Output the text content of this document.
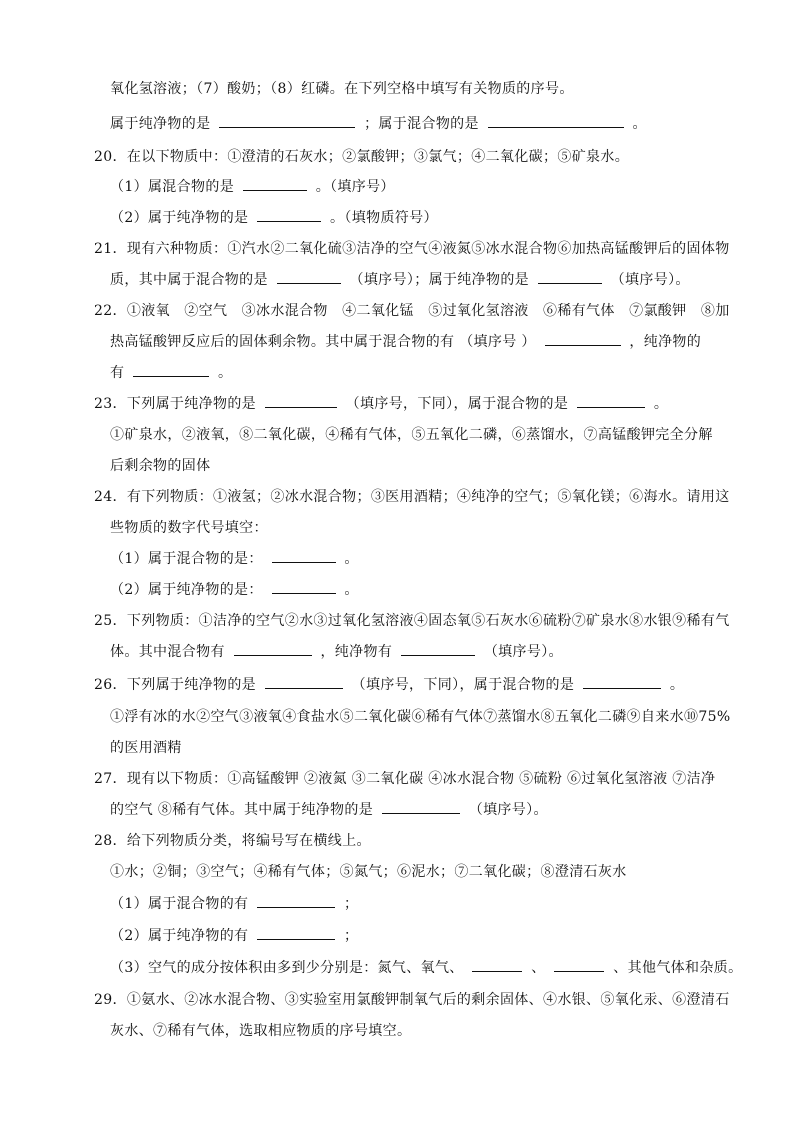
氧化氢溶液；（7）酸奶；（8）红磷。在下列空格中填写有关物质的序号。
属于纯净物的是	；属于混合物的是	。
20．在以下物质中：①澄清的石灰水；②氯酸钾；③氯气；④二氧化碳；⑤矿泉水。
（1）属混合物的是	。（填序号）
（2）属于纯净物的是	。（填物质符号）
21．现有六种物质：①汽水②二氧化硫③洁净的空气④液氮⑤冰水混合物⑥加热高锰酸钾后的固体物
质，其中属于混合物的是	（填序号）；属于纯净物的是	（填序号）。
22．①液氧　②空气　③冰水混合物　④二氧化锰　⑤过氧化氢溶液　⑥稀有气体　⑦氯酸钾　⑧加
热高锰酸钾反应后的固体剩余物。其中属于混合物的有 （填序号 ）	，纯净物的
有	。
23．下列属于纯净物的是	（填序号，下同），属于混合物的是	。
①矿泉水，②液氧，⑧二氧化碳，④稀有气体，⑤五氧化二磷，⑥蒸馏水，⑦高锰酸钾完全分解
后剩余物的固体
24．有下列物质：①液氢；②冰水混合物；③医用酒精；④纯净的空气；⑤氧化镁；⑥海水。请用这
些物质的数字代号填空：
（1）属于混合物的是：	。
（2）属于纯净物的是：	。
25．下列物质：①洁净的空气②水③过氧化氢溶液④固态氧⑤石灰水⑥硫粉⑦矿泉水⑧水银⑨稀有气
体。其中混合物有	，纯净物有	（填序号）。
26．下列属于纯净物的是	（填序号，下同），属于混合物的是	。
①浮有冰的水②空气③液氧④食盐水⑤二氧化碳⑥稀有气体⑦蒸馏水⑧五氧化二磷⑨自来水⑩75%
的医用酒精
27．现有以下物质：①高锰酸钾 ②液氮 ③二氧化碳 ④冰水混合物 ⑤硫粉 ⑥过氧化氢溶液 ⑦洁净
的空气 ⑧稀有气体。其中属于纯净物的是	（填序号）。
28．给下列物质分类，将编号写在横线上。
①水；②铜；③空气；④稀有气体；⑤氮气；⑥泥水；⑦二氧化碳；⑧澄清石灰水
（1）属于混合物的有	；
（2）属于纯净物的有	；
（3）空气的成分按体积由多到少分别是：氮气、氧气、	、	、其他气体和杂质。
29．①氨水、②冰水混合物、③实验室用氯酸钾制氧气后的剩余固体、④水银、⑤氧化汞、⑥澄清石
灰水、⑦稀有气体，选取相应物质的序号填空。
